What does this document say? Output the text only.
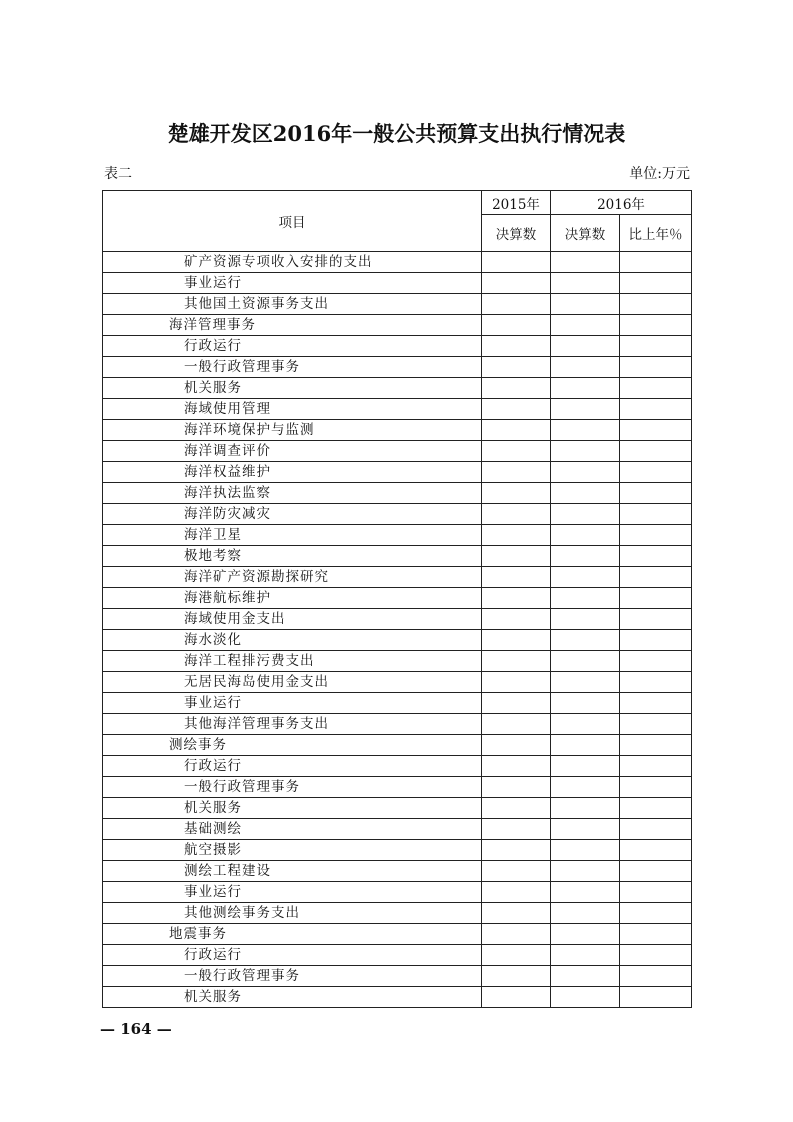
楚雄开发区2016年一般公共预算支出执行情况表
表二	单位:万元
项目	2015年	2016年	
	决算数	决算数	比上年％
矿产资源专项收入安排的支出			
事业运行			
其他国土资源事务支出			
海洋管理事务			
行政运行			
一般行政管理事务			
机关服务			
海域使用管理			
海洋环境保护与监测			
海洋调查评价			
海洋权益维护			
海洋执法监察			
海洋防灾减灾			
海洋卫星			
极地考察			
海洋矿产资源勘探研究			
海港航标维护			
海域使用金支出			
海水淡化			
海洋工程排污费支出			
无居民海岛使用金支出			
事业运行			
其他海洋管理事务支出			
测绘事务			
行政运行			
一般行政管理事务			
机关服务			
基础测绘			
航空摄影			
测绘工程建设			
事业运行			
其他测绘事务支出			
地震事务			
行政运行			
一般行政管理事务			
机关服务			
— 164 —
